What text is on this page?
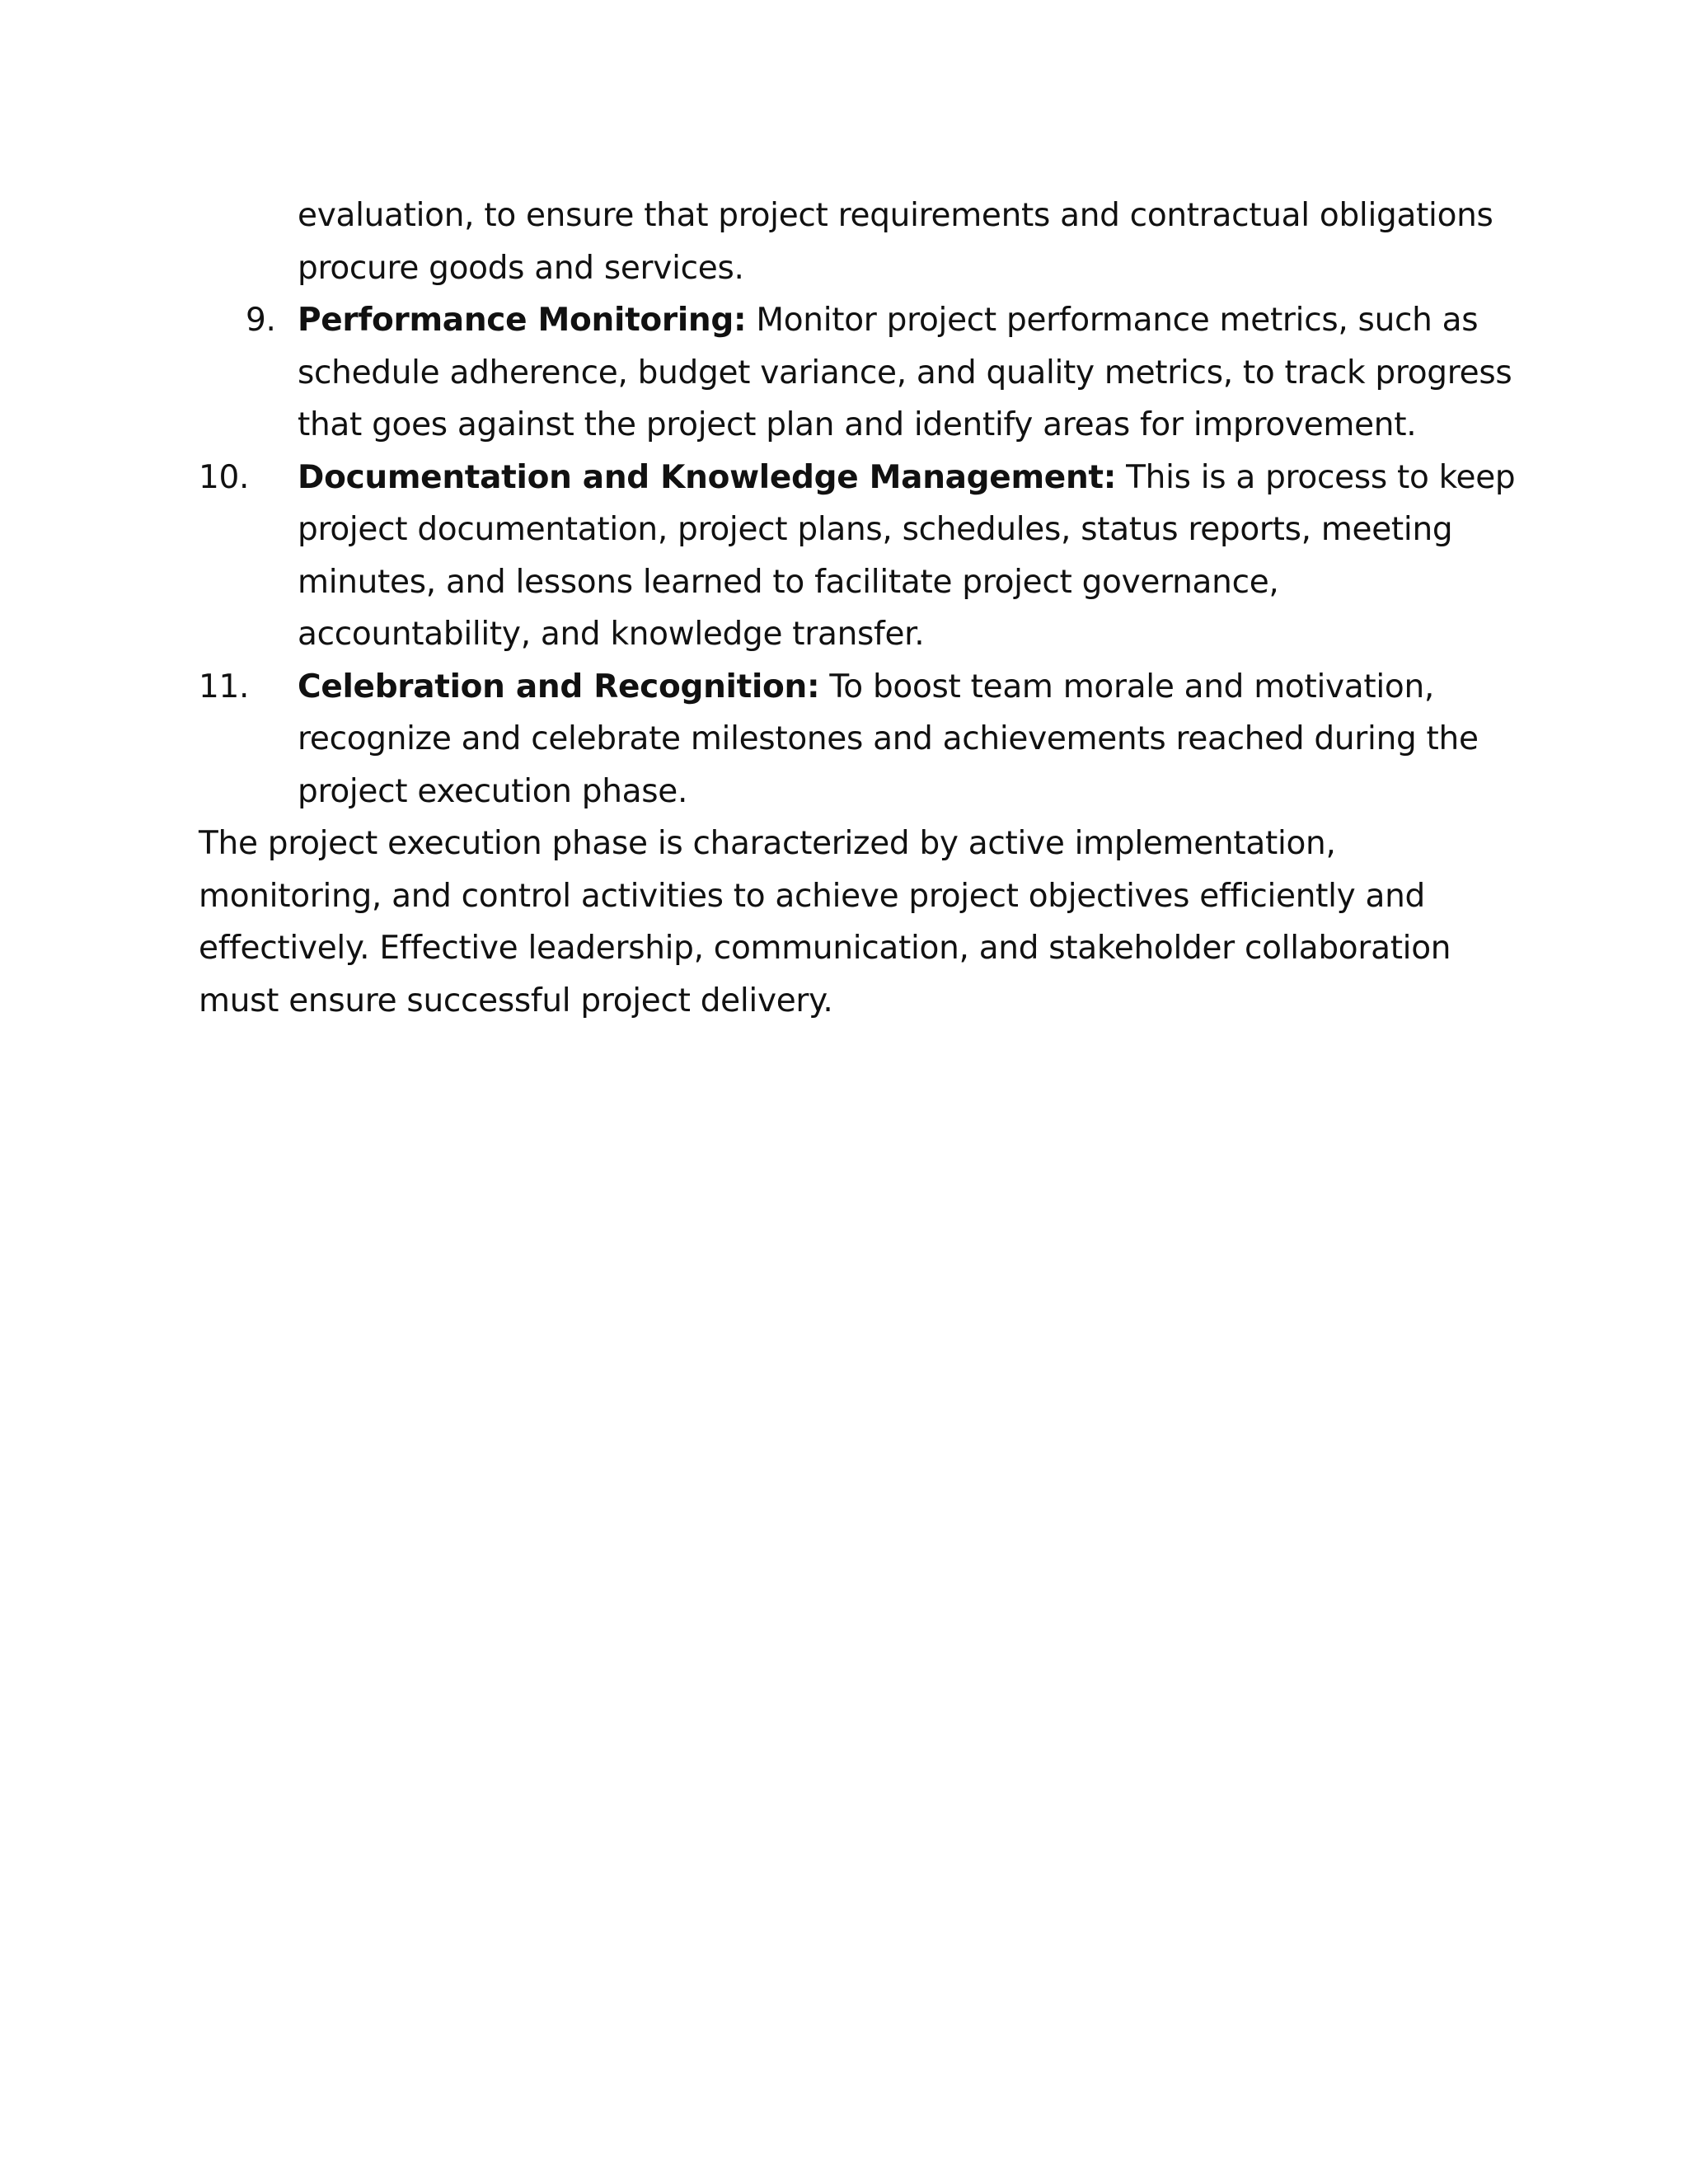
evaluation, to ensure that project requirements and contractual obligations procure goods and services.

9. Performance Monitoring: Monitor project performance metrics, such as schedule adherence, budget variance, and quality metrics, to track progress that goes against the project plan and identify areas for improvement.
10.	Documentation and Knowledge Management: This is a process to keep project documentation, project plans, schedules, status reports, meeting minutes, and lessons learned to facilitate project governance, accountability, and knowledge transfer.
11.	Celebration and Recognition: To boost team morale and motivation, recognize and celebrate milestones and achievements reached during the project execution phase.

The project execution phase is characterized by active implementation, monitoring, and control activities to achieve project objectives efficiently and effectively. Effective leadership, communication, and stakeholder collaboration must ensure successful project delivery.
